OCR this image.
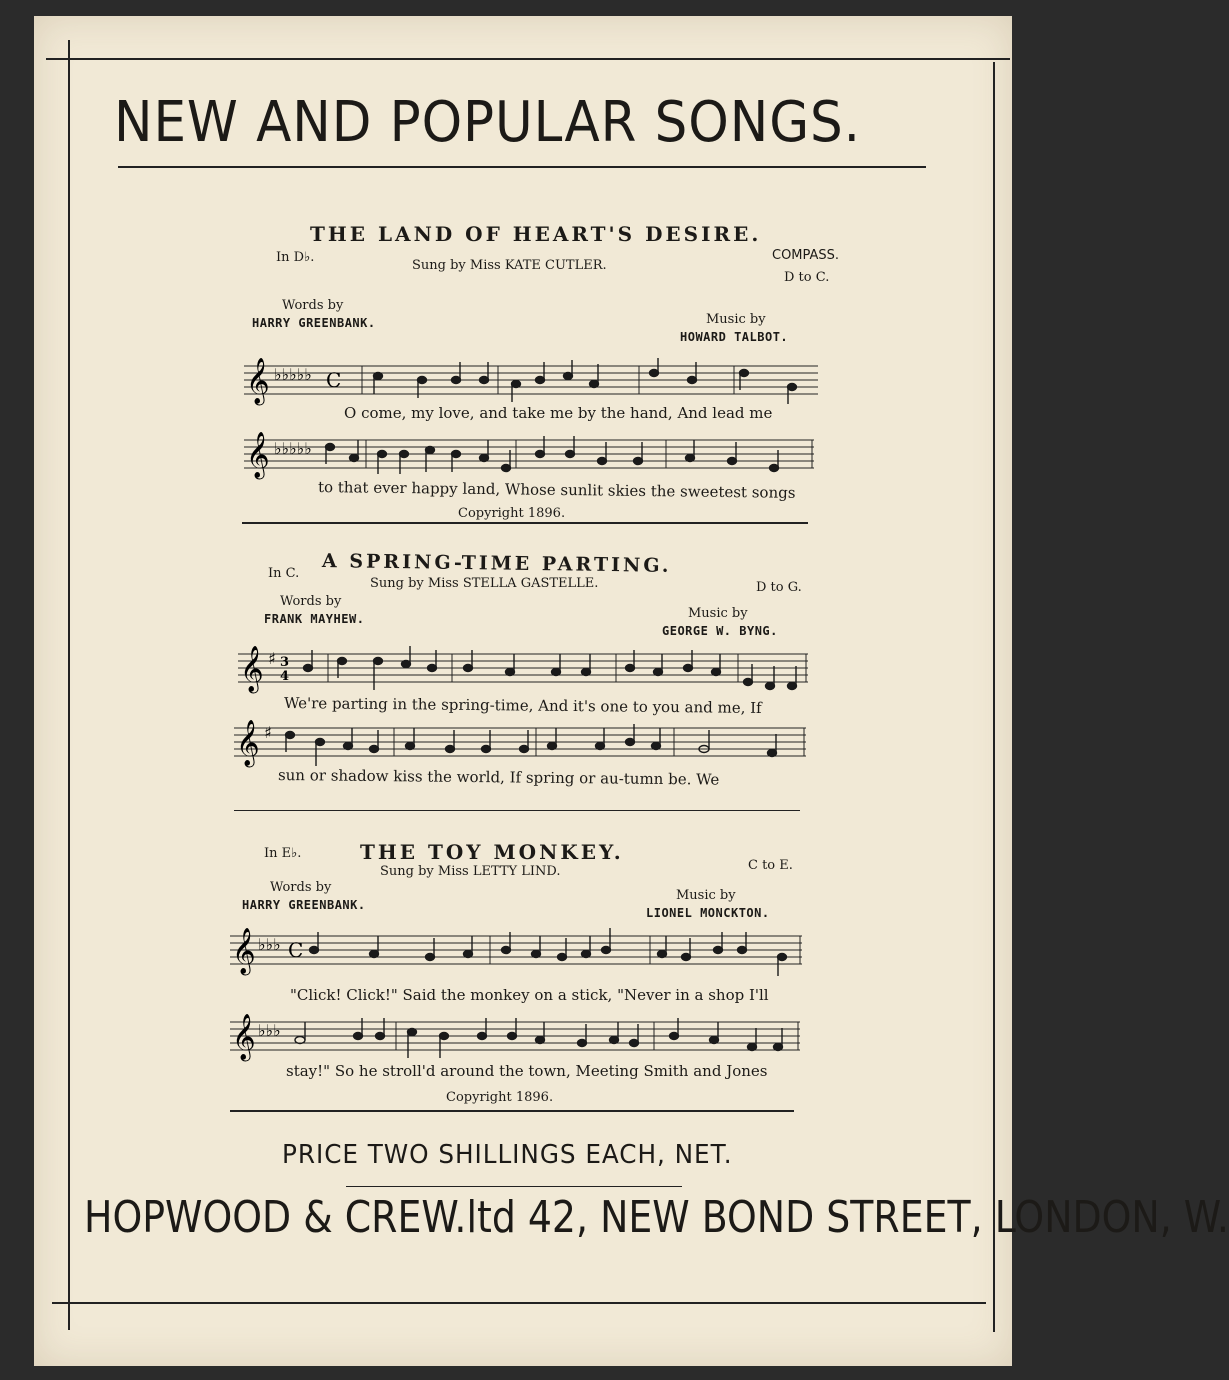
NEW AND POPULAR SONGS.
THE LAND OF HEART'S DESIRE.
In D♭.	COMPASS.
D to C.
Sung by Miss KATE CUTLER.
Words by
HARRY GREENBANK.	Music by
HOWARD TALBOT.
𝄞 ♭♭♭♭♭ C
O come, my love, and take me by the hand, And lead me
𝄞 ♭♭♭♭♭
to that ever happy land, Whose sunlit skies the sweetest songs
Copyright 1896.
A SPRING-TIME PARTING.
In C.
D to G.
Sung by Miss STELLA GASTELLE.
Words by
FRANK MAYHEW.	Music by
GEORGE W. BYNG.
𝄞 ♯ 3
4
We're parting in the spring-time, And it's one to you and me, If
𝄞 ♯
sun or shadow kiss the world, If spring or au-tumn be. We
THE TOY MONKEY.
In E♭.
C to E.
Sung by Miss LETTY LIND.
Words by
HARRY GREENBANK.
Music by
LIONEL MONCKTON.
𝄞 ♭♭♭ C
"Click! Click!" Said the monkey on a stick, "Never in a shop I'll
𝄞 ♭♭♭
stay!" So he stroll'd around the town, Meeting Smith and Jones
Copyright 1896.
PRICE TWO SHILLINGS EACH, NET.
HOPWOOD & CREW.ltd 42, NEW BOND STREET, LONDON, W.
